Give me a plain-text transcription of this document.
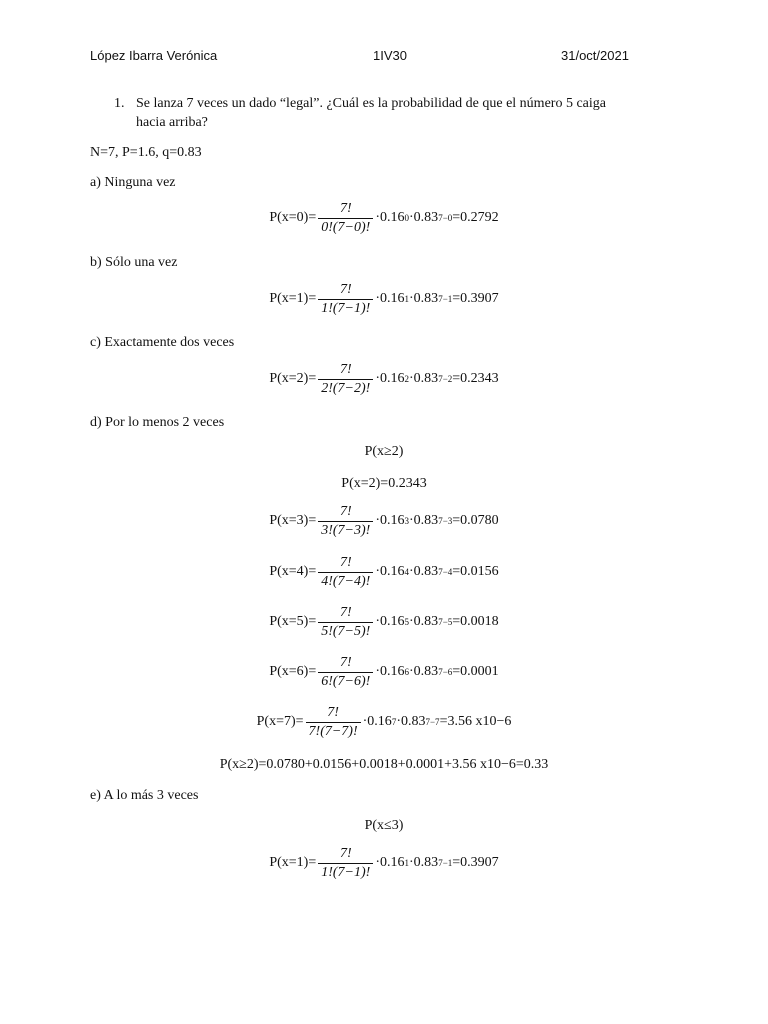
López Ibarra Verónica	1IV30	31/oct/2021
1. Se lanza 7 veces un dado “legal”. ¿Cuál es la probabilidad de que el número 5 caiga
hacia arriba?
N=7, P=1.6, q=0.83
a) Ninguna vez
$P(x=0)= \frac{7!}{0!(7-0)!} \cdot 0.16$ 0 ·0.83 7−0 =0.2792
b) Sólo una vez
$P(x=1)= \frac{7!}{1!(7-1)!} \cdot 0.16$ 1 ·0.83 7−1 =0.3907
c) Exactamente dos veces
$P(x=2)= \frac{7!}{2!(7-2)!} \cdot 0.16$ 2 ·0.83 7−2 =0.2343
d) Por lo menos 2 veces
P(x≥2)
P(x=2)=0.2343
$P(x=3)= \frac{7!}{3!(7-3)!} \cdot 0.16$ 3 ·0.83 7−3 =0.0780
$P(x=4)= \frac{7!}{4!(7-4)!} \cdot 0.16$ 4 ·0.83 7−4 =0.0156
$P(x=5)= \frac{7!}{5!(7-5)!} \cdot 0.16$ 5 ·0.83 7−5 =0.0018
$P(x=6)= \frac{7!}{6!(7-6)!} \cdot 0.16$ 6 ·0.83 7−6 =0.0001
$P(x=7)= \frac{7!}{7!(7-7)!} \cdot 0.16$ 7 ·0.83 7−7 =3.56 x10−6
P(x≥2)=0.0780+0.0156+0.0018+0.0001+3.56 x10−6=0.33
e) A lo más 3 veces
P(x≤3)
$P(x=1)= \frac{7!}{1!(7-1)!} \cdot 0.16$ 1 ·0.83 7−1 =0.3907
